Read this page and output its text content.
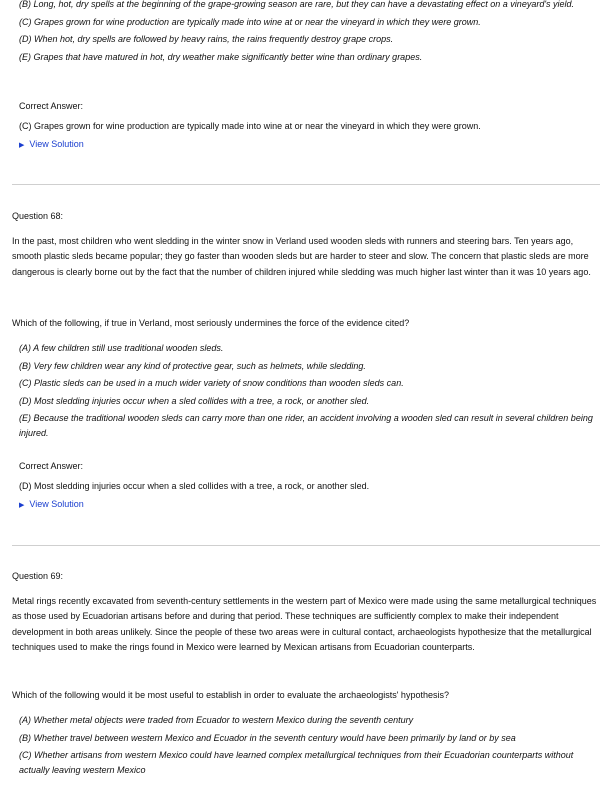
(B) Long, hot, dry spells at the beginning of the grape-growing season are rare, but they can have a devastating effect on a vineyard's yield.

(C) Grapes grown for wine production are typically made into wine at or near the vineyard in which they were grown.

(D) When hot, dry spells are followed by heavy rains, the rains frequently destroy grape crops.

(E) Grapes that have matured in hot, dry weather make significantly better wine than ordinary grapes.

Correct Answer:

(C) Grapes grown for wine production are typically made into wine at or near the vineyard in which they were grown.

▶ View Solution

Question 68:

In the past, most children who went sledding in the winter snow in Verland used wooden sleds with runners and steering bars. Ten years ago, smooth plastic sleds became popular; they go faster than wooden sleds but are harder to steer and slow. The concern that plastic sleds are more dangerous is clearly borne out by the fact that the number of children injured while sledding was much higher last winter than it was 10 years ago.

Which of the following, if true in Verland, most seriously undermines the force of the evidence cited?

(A) A few children still use traditional wooden sleds.

(B) Very few children wear any kind of protective gear, such as helmets, while sledding.

(C) Plastic sleds can be used in a much wider variety of snow conditions than wooden sleds can.

(D) Most sledding injuries occur when a sled collides with a tree, a rock, or another sled.

(E) Because the traditional wooden sleds can carry more than one rider, an accident involving a wooden sled can result in several children being injured.

Correct Answer:

(D) Most sledding injuries occur when a sled collides with a tree, a rock, or another sled.

▶ View Solution

Question 69:

Metal rings recently excavated from seventh-century settlements in the western part of Mexico were made using the same metallurgical techniques as those used by Ecuadorian artisans before and during that period. These techniques are sufficiently complex to make their independent development in both areas unlikely. Since the people of these two areas were in cultural contact, archaeologists hypothesize that the metallurgical techniques used to make the rings found in Mexico were learned by Mexican artisans from Ecuadorian counterparts.

Which of the following would it be most useful to establish in order to evaluate the archaeologists' hypothesis?

(A) Whether metal objects were traded from Ecuador to western Mexico during the seventh century

(B) Whether travel between western Mexico and Ecuador in the seventh century would have been primarily by land or by sea

(C) Whether artisans from western Mexico could have learned complex metallurgical techniques from their Ecuadorian counterparts without actually leaving western Mexico
